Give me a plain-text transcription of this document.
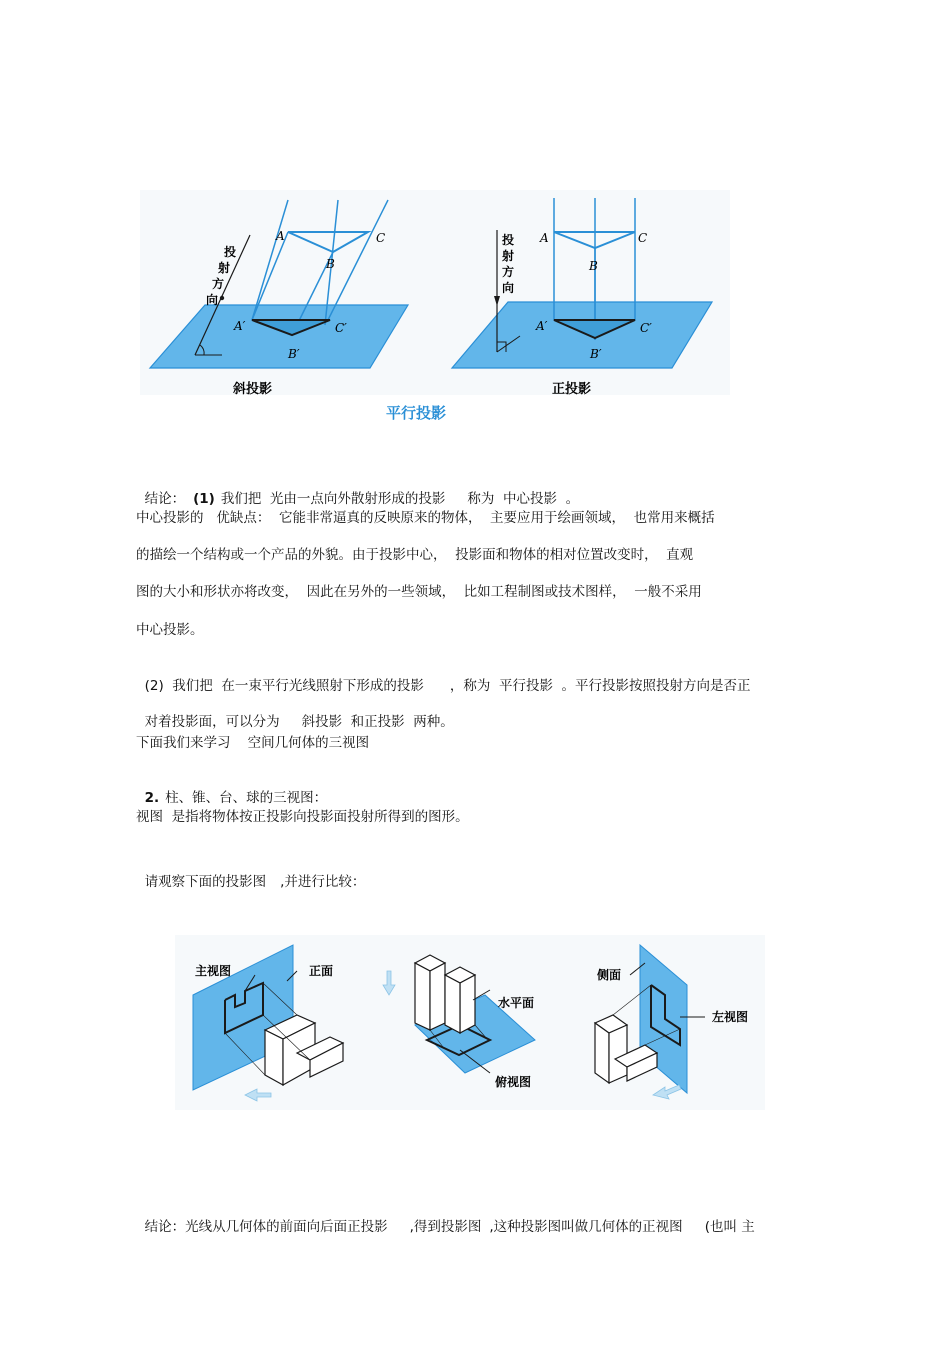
投
射
方
向
A	C
B
A′	C′
B′
斜投影
投
射
方
向
A	C
B
A′	C′
B′
正投影
平行投影

结论： (1) 我们把  光由一点向外散射形成的投影 称为  中心投影  。

中心投影的   优缺点：  它能非常逼真的反映原来的物体，  主要应用于绘画领域，  也常用来概括
的描绘一个结构或一个产品的外貌。由于投影中心，  投影面和物体的相对位置改变时，  直观
图的大小和形状亦将改变，  因此在另外的一些领域，  比如工程制图或技术图样，  一般不采用
中心投影。

(2)  我们把  在一束平行光线照射下形成的投影 ，称为  平行投影  。平行投影按照投射方向是否正

对着投影面，可以分为 斜投影  和正投影  两种。

下面我们来学习    空间几何体的三视图

2. 柱、锥、台、球的三视图：

视图  是指将物体按正投影向投影面投射所得到的图形。

请观察下面的投影图 ,并进行比较：

主视图	正面
水平面
俯视图
侧面
左视图

结论：光线从几何体的前面向后面正投影 ,得到投影图 ,这种投影图叫做几何体的正视图 (也叫 主
